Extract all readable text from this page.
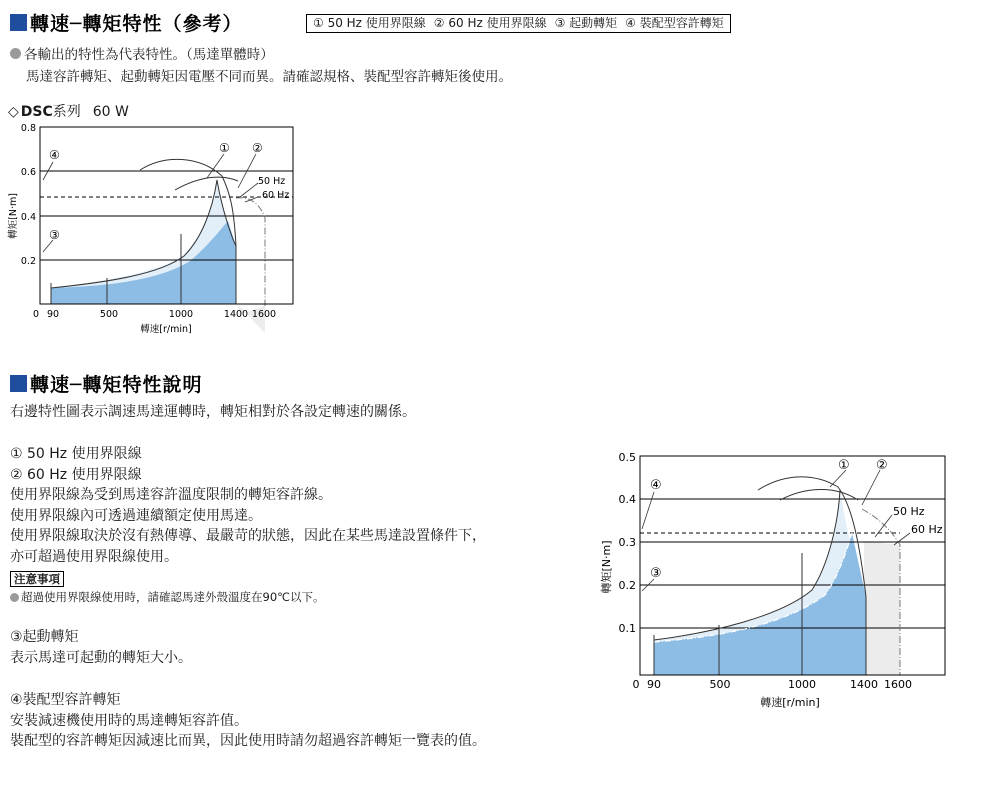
轉速─轉矩特性（參考）	① 50 Hz 使用界限線 ② 60 Hz 使用界限線 ③ 起動轉矩 ④ 裝配型容許轉矩
各輸出的特性為代表特性。（馬達單體時）
馬達容許轉矩、起動轉矩因電壓不同而異。請確認規格、裝配型容許轉矩後使用。
◇ DSC 系列 60 W
0.8
0.6
0.4
0.2
0 90	500	1000	1400 1600
轉速[r/min]
轉矩[N·m]
50 Hz
60 Hz
① ②
④
③
轉速─轉矩特性說明
右邊特性圖表示調速馬達運轉時，轉矩相對於各設定轉速的關係。
① 50 Hz 使用界限線
② 60 Hz 使用界限線
使用界限線為受到馬達容許溫度限制的轉矩容許線。
使用界限線內可透過連續額定使用馬達。
使用界限線取決於沒有熱傳導、最嚴苛的狀態，因此在某些馬達設置條件下，
亦可超過使用界限線使用。
注意事項
超過使用界限線使用時，請確認馬達外殼溫度在90℃以下。
③起動轉矩
表示馬達可起動的轉矩大小。
④裝配型容許轉矩
安裝減速機使用時的馬達轉矩容許值。
裝配型的容許轉矩因減速比而異，因此使用時請勿超過容許轉矩一覽表的值。
0.5
0.4
0.3
0.2
0.1
0 90	500	1000	1400 1600
轉速[r/min]
轉矩[N·m]
50 Hz
60 Hz
① ②
④
③
